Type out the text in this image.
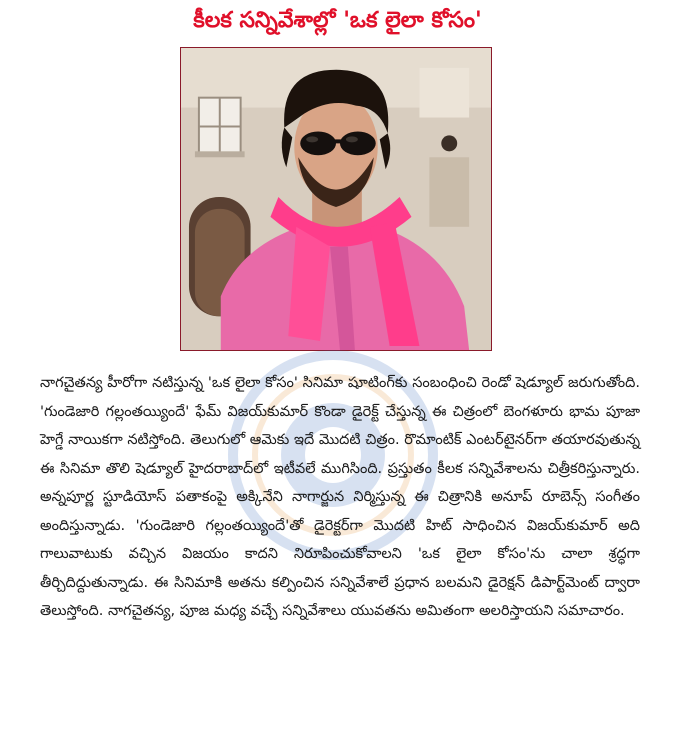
కీలక సన్నివేశాల్లో 'ఒక లైలా కోసం'

నాగచైతన్య హీరోగా నటిస్తున్న 'ఒక లైలా కోసం' సినిమా షూటింగ్‌కు సంబంధించి రెండో షెడ్యూల్ జరుగుతోంది. 'గుండెజారి గల్లంతయ్యిందే' ఫేమ్ విజయ్‌కుమార్ కొండా డైరెక్ట్ చేస్తున్న ఈ చిత్రంలో బెంగళూరు భామ పూజా హెగ్డే నాయికగా నటిస్తోంది. తెలుగులో ఆమెకు ఇదే మొదటి చిత్రం. రొమాంటిక్ ఎంటర్‌టైనర్‌గా తయారవుతున్న ఈ సినిమా తొలి షెడ్యూల్ హైదరాబాద్‌లో ఇటీవలే ముగిసింది. ప్రస్తుతం కీలక సన్నివేశాలను చిత్రీకరిస్తున్నారు. అన్నపూర్ణ స్టూడియోస్ పతాకంపై అక్కినేని నాగార్జున నిర్మిస్తున్న ఈ చిత్రానికి అనూప్ రూబెన్స్ సంగీతం అందిస్తున్నాడు. 'గుండెజారి గల్లంతయ్యిందే'తో డైరెక్టర్‌గా మొదటి హిట్ సాధించిన విజయ్‌కుమార్ అది గాలువాటుకు వచ్చిన విజయం కాదని నిరూపించుకోవాలని 'ఒక లైలా కోసం'ను చాలా శ్రద్ధగా తీర్చిదిద్దుతున్నాడు. ఈ సినిమాకి అతను కల్పించిన సన్నివేశాలే ప్రధాన బలమని డైరెక్షన్ డిపార్ట్‌మెంట్ ద్వారా తెలుస్తోంది. నాగచైతన్య, పూజ మధ్య వచ్చే సన్నివేశాలు యువతను అమితంగా అలరిస్తాయని సమాచారం.
